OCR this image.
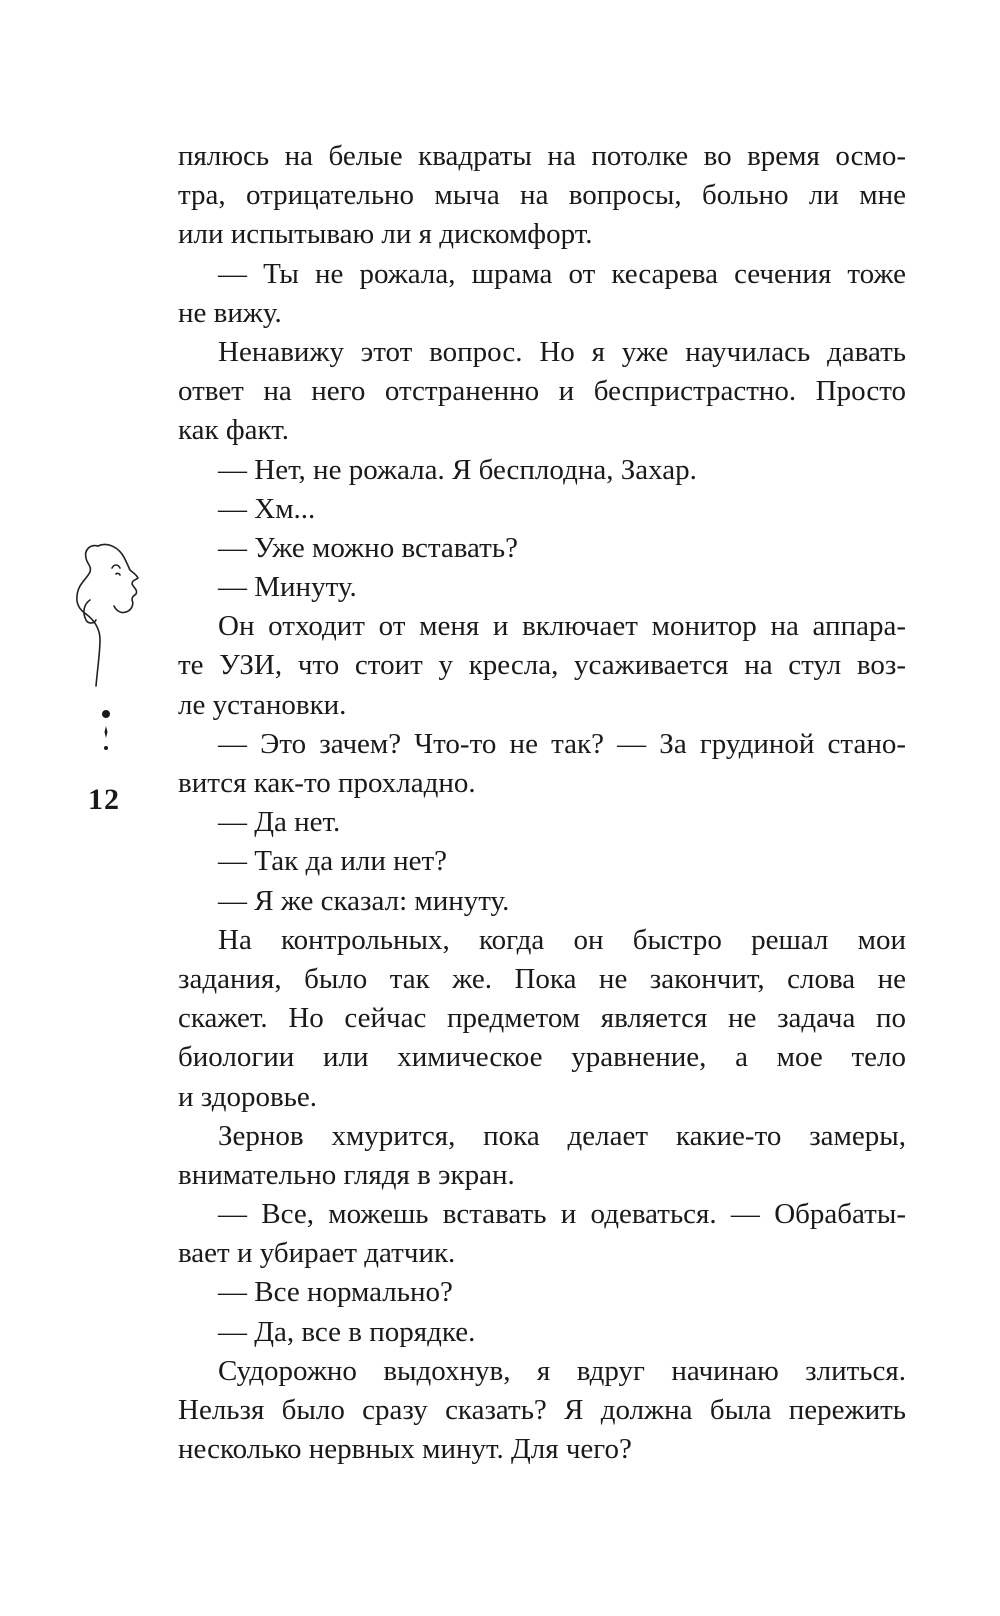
12
пялюсь на белые квадраты на потолке во время осмо-
тра, отрицательно мыча на вопросы, больно ли мне
или испытываю ли я дискомфорт.
— Ты не рожала, шрама от кесарева сечения тоже
не вижу.
Ненавижу этот вопрос. Но я уже научилась давать
ответ на него отстраненно и беспристрастно. Просто
как факт.
— Нет, не рожала. Я бесплодна, Захар.
— Хм...
— Уже можно вставать?
— Минуту.
Он отходит от меня и включает монитор на аппара-
те УЗИ, что стоит у кресла, усаживается на стул воз-
ле установки.
— Это зачем? Что-то не так? — За грудиной стано-
вится как-то прохладно.
— Да нет.
— Так да или нет?
— Я же сказал: минуту.
На контрольных, когда он быстро решал мои
задания, было так же. Пока не закончит, слова не
скажет. Но сейчас предметом является не задача по
биологии или химическое уравнение, а мое тело
и здоровье.
Зернов хмурится, пока делает какие-то замеры,
внимательно глядя в экран.
— Все, можешь вставать и одеваться. — Обрабаты-
вает и убирает датчик.
— Все нормально?
— Да, все в порядке.
Судорожно выдохнув, я вдруг начинаю злиться.
Нельзя было сразу сказать? Я должна была пережить
несколько нервных минут. Для чего?
